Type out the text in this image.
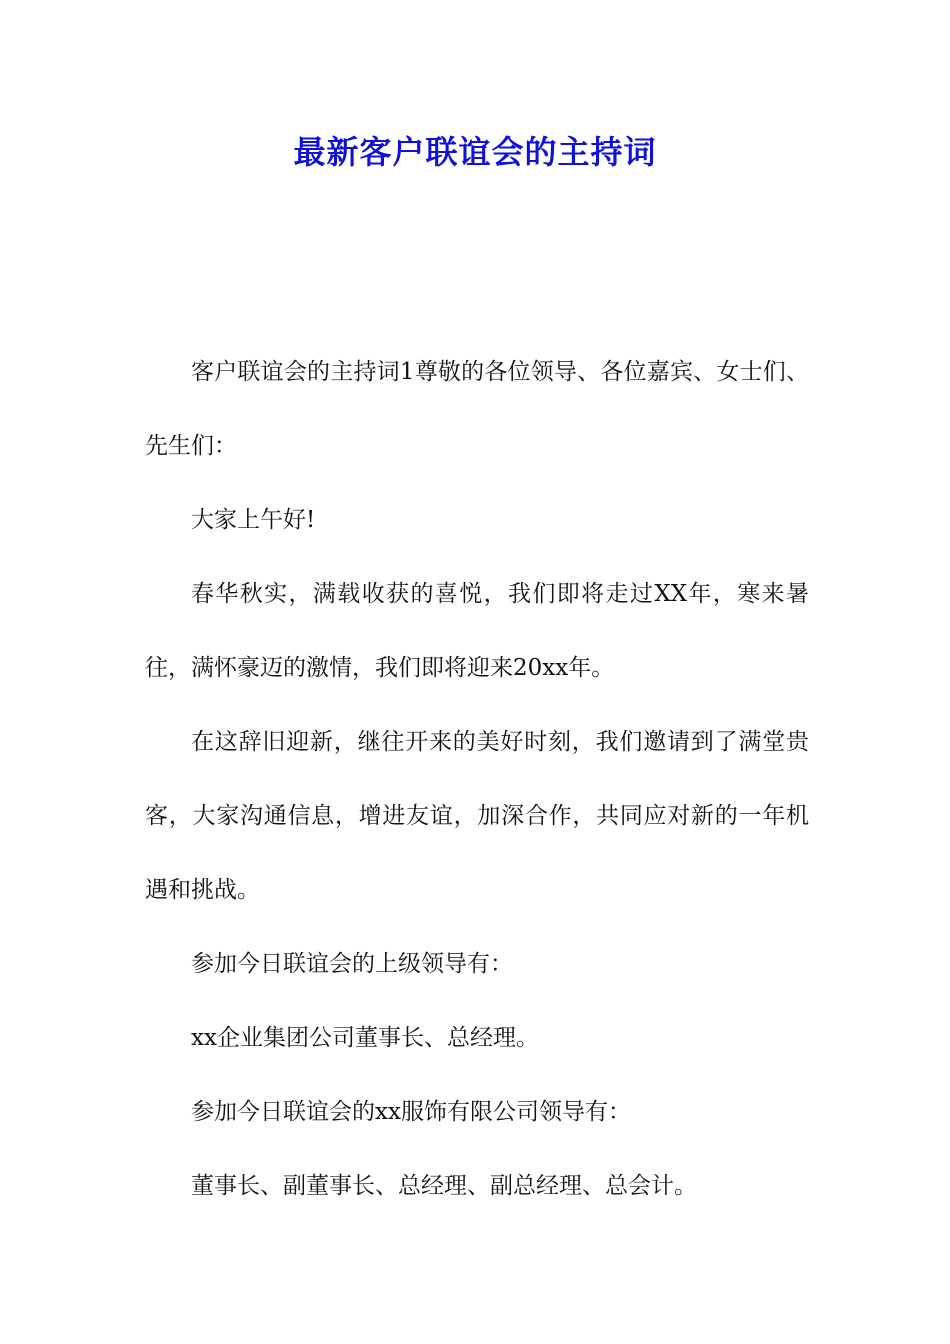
最新客户联谊会的主持词

客户联谊会的主持词1尊敬的各位领导、各位嘉宾、女士们、先生们：

大家上午好!

春华秋实，满载收获的喜悦，我们即将走过XX年，寒来暑往，满怀豪迈的激情，我们即将迎来20xx年。

在这辞旧迎新，继往开来的美好时刻，我们邀请到了满堂贵客，大家沟通信息，增进友谊，加深合作，共同应对新的一年机遇和挑战。

参加今日联谊会的上级领导有：

xx企业集团公司董事长、总经理。

参加今日联谊会的xx服饰有限公司领导有：

董事长、副董事长、总经理、副总经理、总会计。
